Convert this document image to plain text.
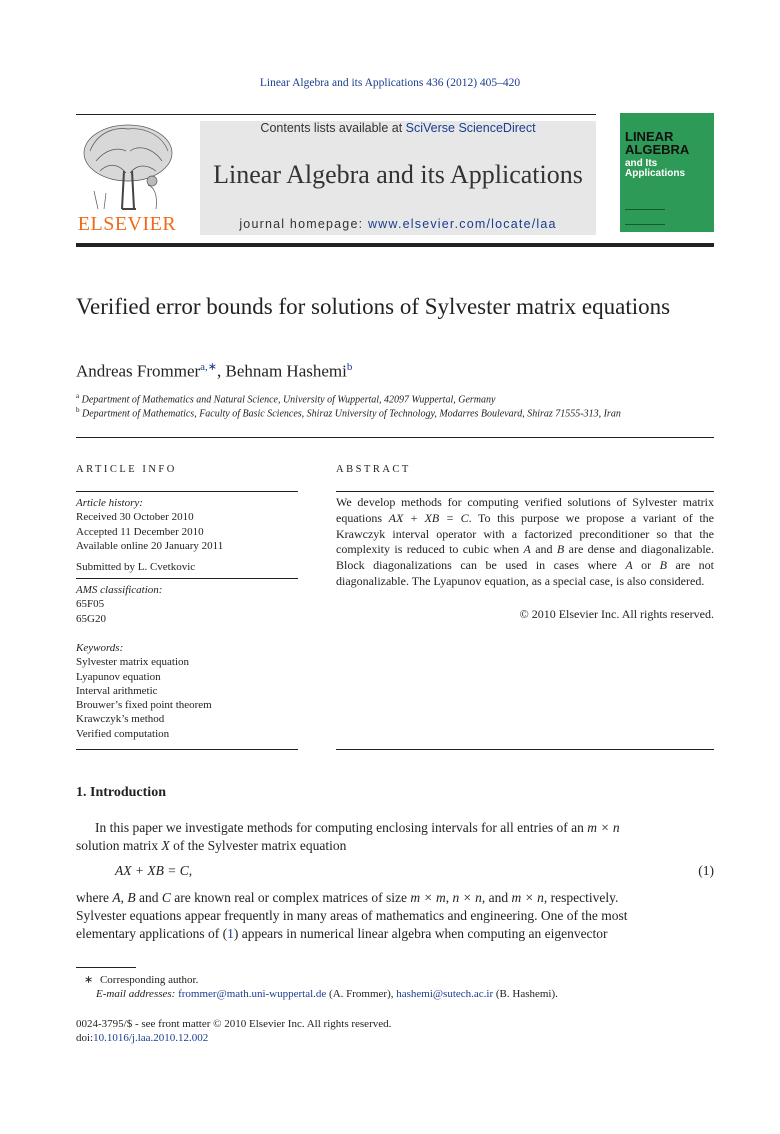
Linear Algebra and its Applications 436 (2012) 405–420
ELSEVIER
Contents lists available at SciVerse ScienceDirect
Linear Algebra and its Applications
journal homepage: www.elsevier.com/locate/laa
LINEAR
ALGEBRA
and Its
Applications
Verified error bounds for solutions of Sylvester matrix equations
Andreas Frommer$^{a,∗}$, Behnam Hashemi$^b$
$^a$ Department of Mathematics and Natural Science, University of Wuppertal, 42097 Wuppertal, Germany
$^b$ Department of Mathematics, Faculty of Basic Sciences, Shiraz University of Technology, Modarres Boulevard, Shiraz 71555-313, Iran
ARTICLE INFO
Article history:
Received 30 October 2010
Accepted 11 December 2010
Available online 20 January 2011
Submitted by L. Cvetkovic
AMS classification:
65F05
65G20
Keywords:
Sylvester matrix equation
Lyapunov equation
Interval arithmetic
Brouwer’s fixed point theorem
Krawczyk’s method
Verified computation
ABSTRACT
We develop methods for computing verified solutions of Sylvester matrix equations AX + XB = C. To this purpose we propose a variant of the Krawczyk interval operator with a factorized preconditioner so that the complexity is reduced to cubic when A and B are dense and diagonalizable. Block diagonalizations can be used in cases where A or B are not diagonalizable. The Lyapunov equation, as a special case, is also considered.
© 2010 Elsevier Inc. All rights reserved.
1. Introduction
In this paper we investigate methods for computing enclosing intervals for all entries of an m × n
solution matrix X of the Sylvester matrix equation
AX + XB = C,	(1)
where A, B and C are known real or complex matrices of size m × m, n × n, and m × n, respectively.
Sylvester equations appear frequently in many areas of mathematics and engineering. One of the most
elementary applications of (1) appears in numerical linear algebra when computing an eigenvector
∗ Corresponding author.
E-mail addresses: frommer@math.uni-wuppertal.de (A. Frommer), hashemi@sutech.ac.ir (B. Hashemi).
0024-3795/$ - see front matter © 2010 Elsevier Inc. All rights reserved.
doi:10.1016/j.laa.2010.12.002
